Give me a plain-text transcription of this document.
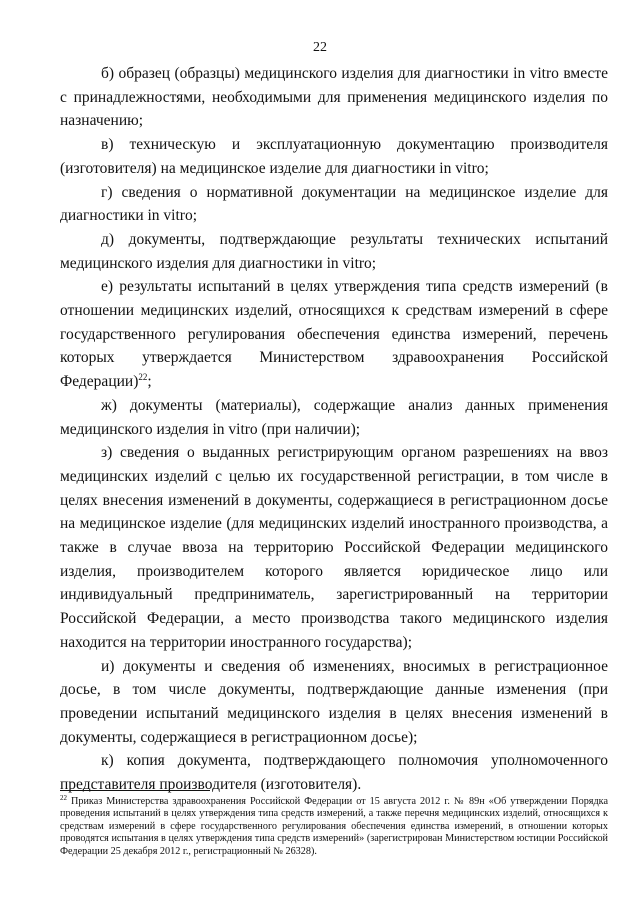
22

б) образец (образцы) медицинского изделия для диагностики in vitro вместе с принадлежностями, необходимыми для применения медицинского изделия по назначению;

в) техническую и эксплуатационную документацию производителя (изготовителя) на медицинское изделие для диагностики in vitro;

г) сведения о нормативной документации на медицинское изделие для диагностики in vitro;

д) документы, подтверждающие результаты технических испытаний медицинского изделия для диагностики in vitro;

е) результаты испытаний в целях утверждения типа средств измерений (в отношении медицинских изделий, относящихся к средствам измерений в сфере государственного регулирования обеспечения единства измерений, перечень которых утверждается Министерством здравоохранения Российской Федерации)$^{22}$;

ж) документы (материалы), содержащие анализ данных применения медицинского изделия in vitro (при наличии);

з) сведения о выданных регистрирующим органом разрешениях на ввоз медицинских изделий с целью их государственной регистрации, в том числе в целях внесения изменений в документы, содержащиеся в регистрационном досье на медицинское изделие (для медицинских изделий иностранного производства, а также в случае ввоза на территорию Российской Федерации медицинского изделия, производителем которого является юридическое лицо или индивидуальный предприниматель, зарегистрированный на территории Российской Федерации, а место производства такого медицинского изделия находится на территории иностранного государства);

и) документы и сведения об изменениях, вносимых в регистрационное досье, в том числе документы, подтверждающие данные изменения (при проведении испытаний медицинского изделия в целях внесения изменений в документы, содержащиеся в регистрационном досье);

к) копия документа, подтверждающего полномочия уполномоченного представителя производителя (изготовителя).

$^{22}$ Приказ Министерства здравоохранения Российской Федерации от 15 августа 2012 г. № 89н «Об утверждении Порядка проведения испытаний в целях утверждения типа средств измерений, а также перечня медицинских изделий, относящихся к средствам измерений в сфере государственного регулирования обеспечения единства измерений, в отношении которых проводятся испытания в целях утверждения типа средств измерений» (зарегистрирован Министерством юстиции Российской Федерации 25 декабря 2012 г., регистрационный № 26328).
